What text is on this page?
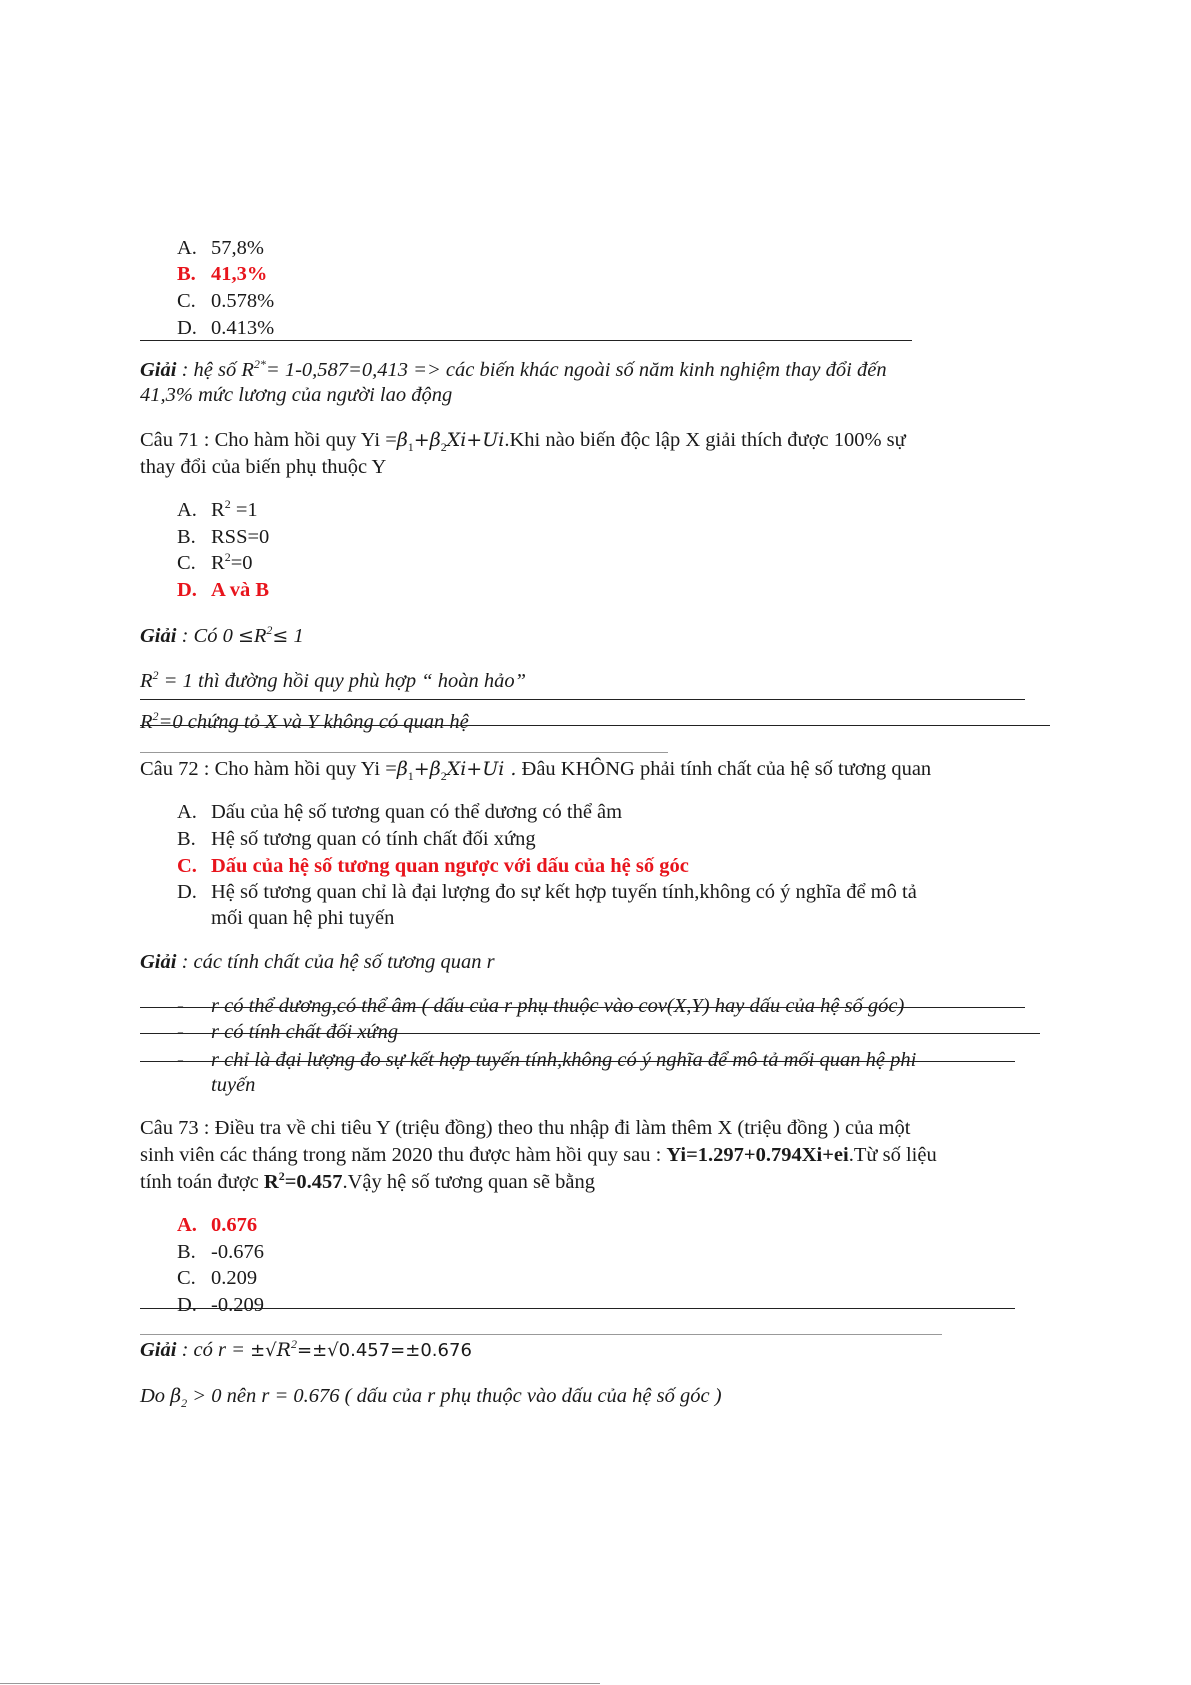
A. 57,8%
B. 41,3%
C. 0.578%
D. 0.413%
Giải : hệ số $R^{2*}= 1-0,587=0,413$ => các biến khác ngoài số năm kinh nghiệm thay đổi đến
41,3% mức lương của người lao động
Câu 71 : Cho hàm hồi quy $Yi =\beta_1+\beta_2Xi+Ui.Khi$ nào biến độc lập X giải thích được 100% sự
thay đổi của biến phụ thuộc Y
A. $R^2 =1$
B. RSS=0
C. $R^2=0$
D. A và B
Giải : Có $0 \le R^2\le 1$
$R^2 = 1$ thì đường hồi quy phù hợp “ hoàn hảo”
$R^2=0$ chứng tỏ X và Y không có quan hệ
Câu 72 : Cho hàm hồi quy $Yi =\beta_1+\beta_2Xi+Ui$ . Đâu KHÔNG phải tính chất của hệ số tương quan
A. Dấu của hệ số tương quan có thể dương có thể âm
B. Hệ số tương quan có tính chất đối xứng
C. Dấu của hệ số tương quan ngược với dấu của hệ số góc
D. Hệ số tương quan chỉ là đại lượng đo sự kết hợp tuyến tính,không có ý nghĩa để mô tả
mối quan hệ phi tuyến
Giải : các tính chất của hệ số tương quan r
- r có thể dương,có thể âm ( dấu của r phụ thuộc vào cov(X,Y) hay dấu của hệ số góc)
- r có tính chất đối xứng
- r chỉ là đại lượng đo sự kết hợp tuyến tính,không có ý nghĩa để mô tả mối quan hệ phi
tuyến
Câu 73 : Điều tra về chi tiêu Y (triệu đồng) theo thu nhập đi làm thêm X (triệu đồng ) của một
sinh viên các tháng trong năm 2020 thu được hàm hồi quy sau : Yi=1.297+0.794Xi+ei.Từ số liệu
tính toán được $R^2=0.457.Vậy$ hệ số tương quan sẽ bằng
A. 0.676
B. -0.676
C. 0.209
D. -0.209
Giải : có $r = \pm√R^2=\pm√0.457=\pm 0.676$
Do $\beta_2 > 0$ nên r = 0.676 ( dấu của r phụ thuộc vào dấu của hệ số góc )
